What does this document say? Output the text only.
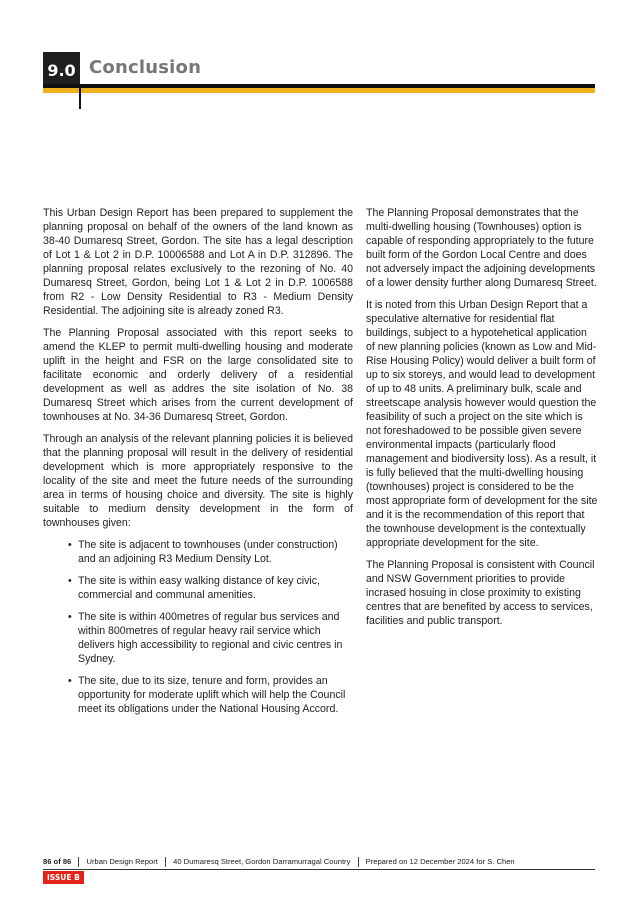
9.0 Conclusion

This Urban Design Report has been prepared to supplement the planning proposal on behalf of the owners of the land known as 38-40 Dumaresq Street, Gordon. The site has a legal description of Lot 1 & Lot 2 in D.P. 10006588 and Lot A in D.P. 312896. The planning proposal relates exclusively to the rezoning of No. 40 Dumaresq Street, Gordon, being Lot 1 & Lot 2 in D.P. 1006588 from R2 - Low Density Residential to R3 - Medium Density Residential. The adjoining site is already zoned R3.

The Planning Proposal associated with this report seeks to amend the KLEP to permit multi-dwelling housing and moderate uplift in the height and FSR on the large consolidated site to facilitate economic and orderly delivery of a residential development as well as addres the site isolation of No. 38 Dumaresq Street which arises from the current development of townhouses at No. 34-36 Dumaresq Street, Gordon.

Through an analysis of the relevant planning policies it is believed that the planning proposal will result in the delivery of residential development which is more appropriately responsive to the locality of the site and meet the future needs of the surrounding area in terms of housing choice and diversity. The site is highly suitable to medium density development in the form of townhouses given:

• The site is adjacent to townhouses (under construction) and an adjoining R3 Medium Density Lot.
• The site is within easy walking distance of key civic, commercial and communal amenities.
• The site is within 400metres of regular bus services and within 800metres of regular heavy rail service which delivers high accessibility to regional and civic centres in Sydney.
• The site, due to its size, tenure and form, provides an opportunity for moderate uplift which will help the Council meet its obligations under the National Housing Accord.

The Planning Proposal demonstrates that the multi-dwelling housing (Townhouses) option is capable of responding appropriately to the future built form of the Gordon Local Centre and does not adversely impact the adjoining developments of a lower density further along Dumaresq Street.

It is noted from this Urban Design Report that a speculative alternative for residential flat buildings, subject to a hypotehetical application of new planning policies (known as Low and Mid-Rise Housing Policy) would deliver a built form of up to six storeys, and would lead to development of up to 48 units. A preliminary bulk, scale and streetscape analysis however would question the feasibility of such a project on the site which is not foreshadowed to be possible given severe environmental impacts (particularly flood management and biodiversity loss). As a result, it is fully believed that the multi-dwelling housing (townhouses) project is considered to be the most appropriate form of development for the site and it is the recommendation of this report that the townhouse development is the contextually appropriate development for the site.

The Planning Proposal is consistent with Council and NSW Government priorities to provide incrased hosuing in close proximity to existing centres that are benefited by access to services, facilities and public transport.

86 of 86 Urban Design Report 40 Dumaresq Street, Gordon Darramurragal Country Prepared on 12 December 2024 for S. Chen
ISSUE B
